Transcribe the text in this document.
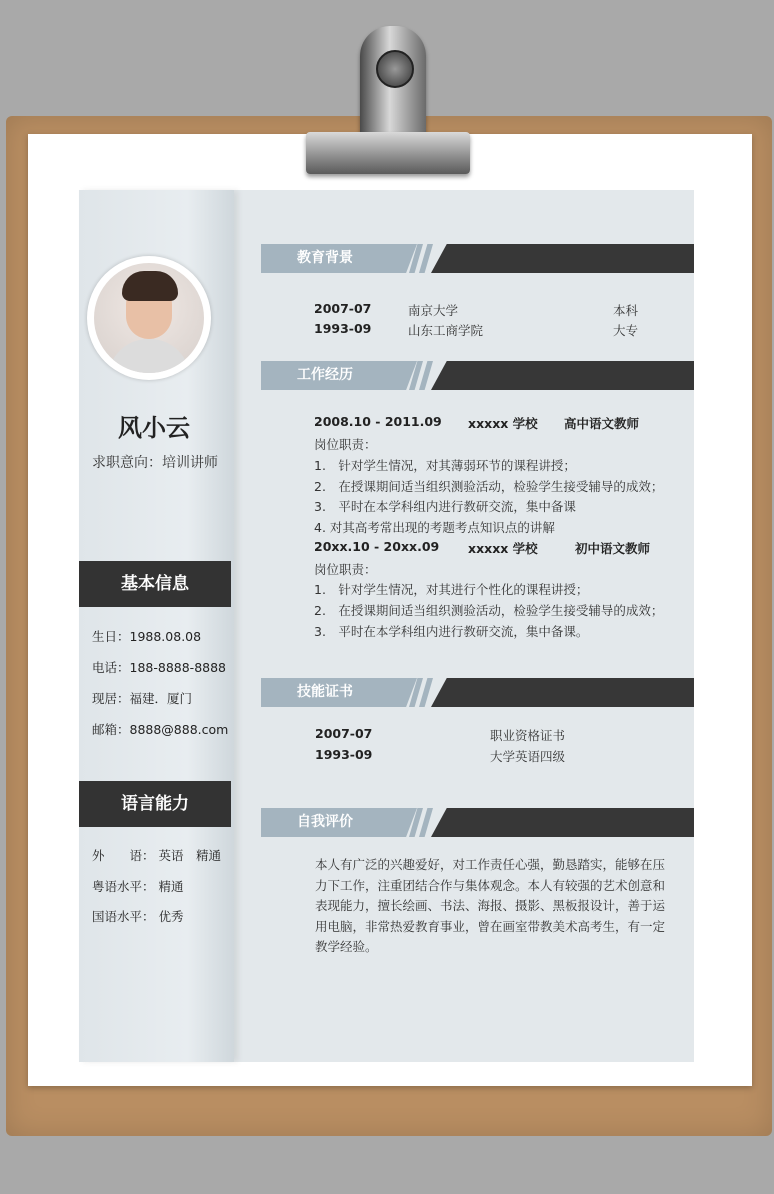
风小云
求职意向：培训讲师
基本信息
生日：1988.08.08
电话：188-8888-8888
现居：福建．厦门
邮箱：8888@888.com
语言能力
外　　语： 英语　精通
粤语水平： 精通
国语水平： 优秀
教育背景
2007-07	南京大学	本科
1993-09	山东工商学院	大专
工作经历
2008.10 - 2011.09 xxxxx 学校 高中语文教师
岗位职责：
1.　针对学生情况，对其薄弱环节的课程讲授；
2.　在授课期间适当组织测验活动，检验学生接受辅导的成效；
3.　平时在本学科组内进行教研交流，集中备课
4. 对其高考常出现的考题考点知识点的讲解
20xx.10 - 20xx.09 xxxxx 学校	初中语文教师
岗位职责：
1.　针对学生情况，对其进行个性化的课程讲授；
2.　在授课期间适当组织测验活动，检验学生接受辅导的成效；
3.　平时在本学科组内进行教研交流，集中备课。
技能证书
2007-07	职业资格证书
1993-09	大学英语四级
自我评价
本人有广泛的兴趣爱好，对工作责任心强，勤恳踏实，能够在压力下工作，注重团结合作与集体观念。本人有较强的艺术创意和表现能力，擅长绘画、书法、海报、摄影、黑板报设计，善于运用电脑，非常热爱教育事业，曾在画室带教美术高考生，有一定教学经验。
